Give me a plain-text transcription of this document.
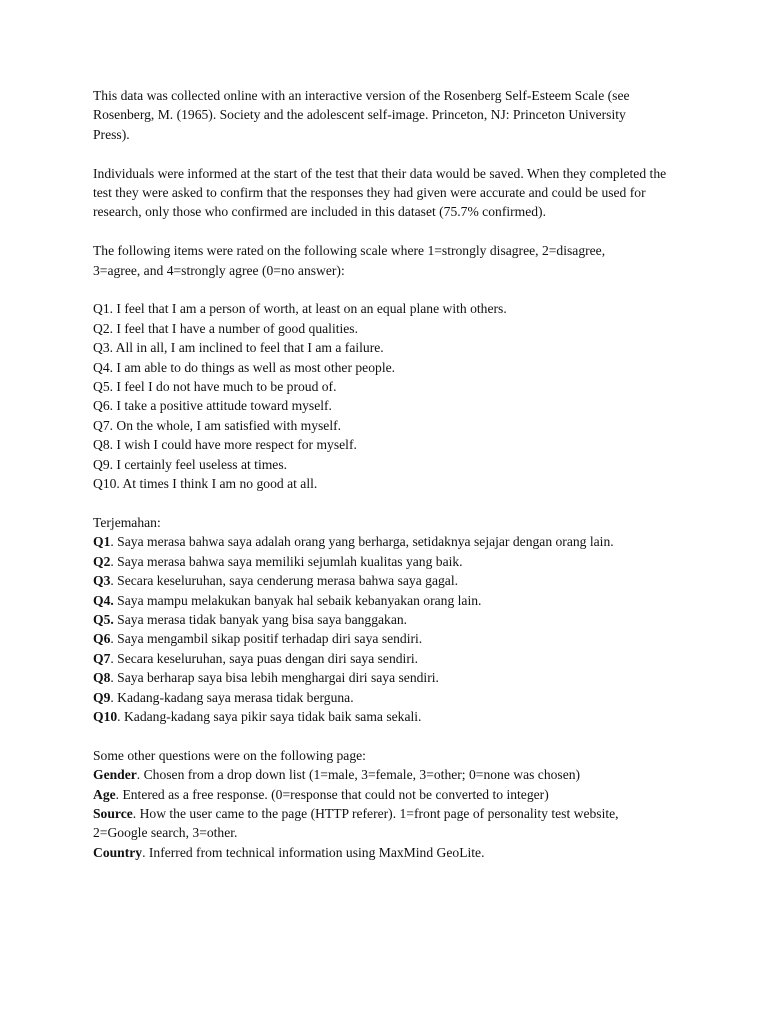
This data was collected online with an interactive version of the Rosenberg Self-Esteem Scale (see Rosenberg, M. (1965). Society and the adolescent self-image. Princeton, NJ: Princeton University Press).

Individuals were informed at the start of the test that their data would be saved. When they completed the test they were asked to confirm that the responses they had given were accurate and could be used for research, only those who confirmed are included in this dataset (75.7% confirmed).

The following items were rated on the following scale where 1=strongly disagree, 2=disagree, 3=agree, and 4=strongly agree (0=no answer):

Q1. I feel that I am a person of worth, at least on an equal plane with others.

Q2. I feel that I have a number of good qualities.

Q3. All in all, I am inclined to feel that I am a failure.

Q4. I am able to do things as well as most other people.

Q5. I feel I do not have much to be proud of.

Q6. I take a positive attitude toward myself.

Q7. On the whole, I am satisfied with myself.

Q8. I wish I could have more respect for myself.

Q9. I certainly feel useless at times.

Q10. At times I think I am no good at all.

Terjemahan:

Q1. Saya merasa bahwa saya adalah orang yang berharga, setidaknya sejajar dengan orang lain.

Q2. Saya merasa bahwa saya memiliki sejumlah kualitas yang baik.

Q3. Secara keseluruhan, saya cenderung merasa bahwa saya gagal.

Q4. Saya mampu melakukan banyak hal sebaik kebanyakan orang lain.

Q5. Saya merasa tidak banyak yang bisa saya banggakan.

Q6. Saya mengambil sikap positif terhadap diri saya sendiri.

Q7. Secara keseluruhan, saya puas dengan diri saya sendiri.

Q8. Saya berharap saya bisa lebih menghargai diri saya sendiri.

Q9. Kadang-kadang saya merasa tidak berguna.

Q10. Kadang-kadang saya pikir saya tidak baik sama sekali.

Some other questions were on the following page:

Gender. Chosen from a drop down list (1=male, 3=female, 3=other; 0=none was chosen)

Age. Entered as a free response. (0=response that could not be converted to integer)

Source. How the user came to the page (HTTP referer). 1=front page of personality test website, 2=Google search, 3=other.

Country. Inferred from technical information using MaxMind GeoLite.
